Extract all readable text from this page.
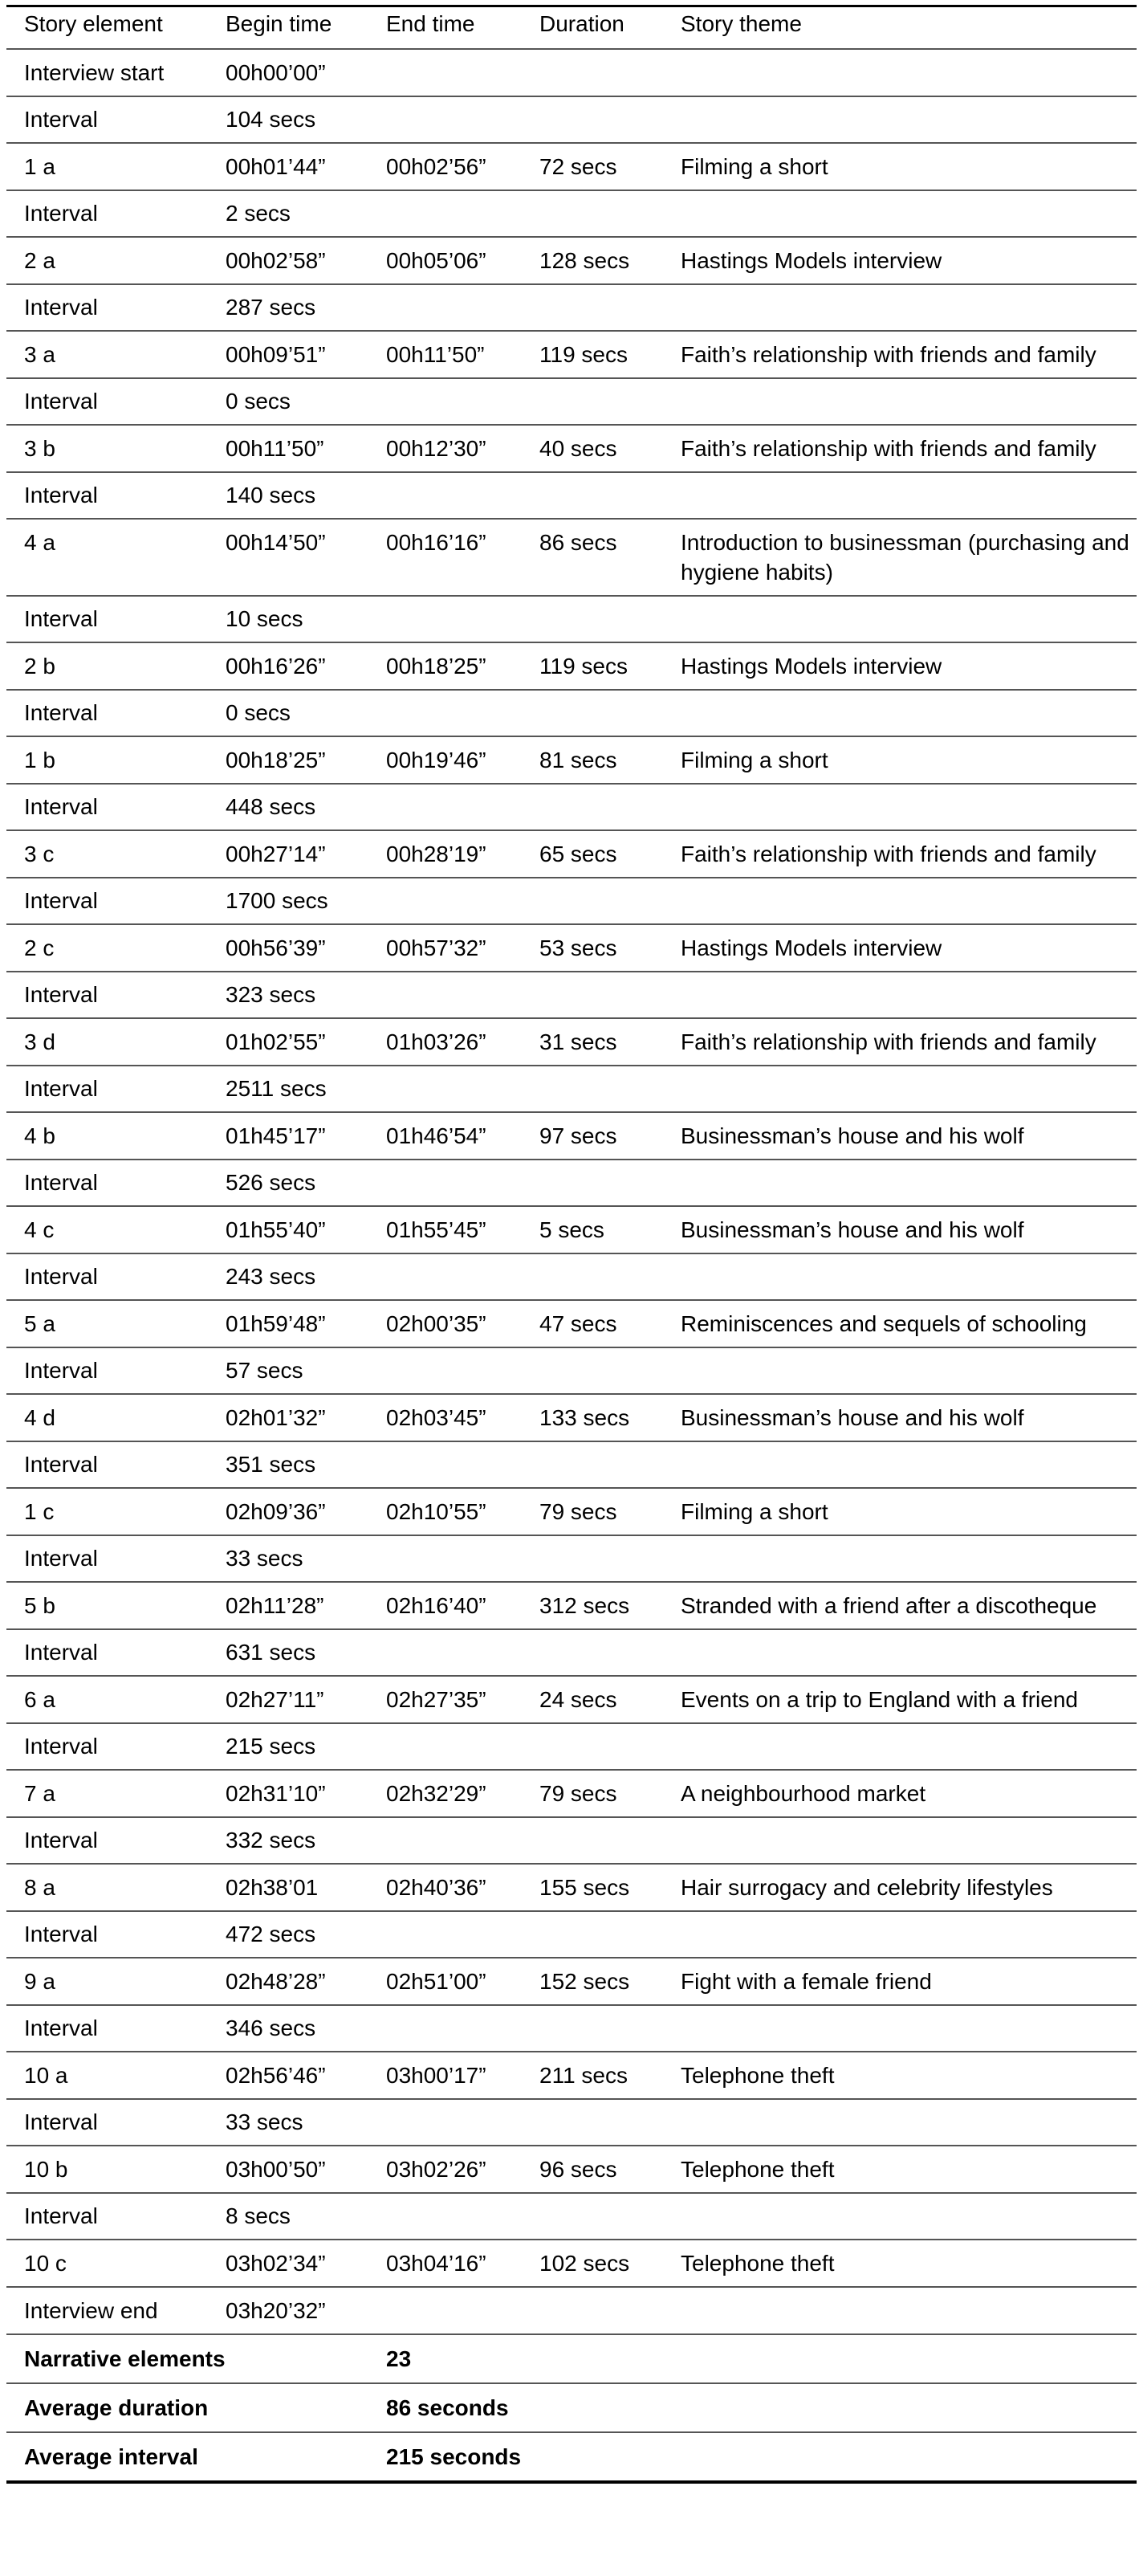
Story element	Begin time	End time	Duration	Story theme
Interview start	00h00’00”			
Interval	104 secs			
1 a	00h01’44”	00h02’56”	72 secs	Filming a short
Interval	2 secs			
2 a	00h02’58”	00h05’06”	128 secs	Hastings Models interview
Interval	287 secs			
3 a	00h09’51”	00h11’50”	119 secs	Faith’s relationship with friends and family
Interval	0 secs			
3 b	00h11’50”	00h12’30”	40 secs	Faith’s relationship with friends and family
Interval	140 secs			
4 a	00h14’50”	00h16’16”	86 secs	Introduction to businessman (purchasing and hygiene habits)
Interval	10 secs			
2 b	00h16’26”	00h18’25”	119 secs	Hastings Models interview
Interval	0 secs			
1 b	00h18’25”	00h19’46”	81 secs	Filming a short
Interval	448 secs			
3 c	00h27’14”	00h28’19”	65 secs	Faith’s relationship with friends and family
Interval	1700 secs			
2 c	00h56’39”	00h57’32”	53 secs	Hastings Models interview
Interval	323 secs			
3 d	01h02’55”	01h03’26”	31 secs	Faith’s relationship with friends and family
Interval	2511 secs			
4 b	01h45’17”	01h46’54”	97 secs	Businessman’s house and his wolf
Interval	526 secs			
4 c	01h55’40”	01h55’45”	5 secs	Businessman’s house and his wolf
Interval	243 secs			
5 a	01h59’48”	02h00’35”	47 secs	Reminiscences and sequels of schooling
Interval	57 secs			
4 d	02h01’32”	02h03’45”	133 secs	Businessman’s house and his wolf
Interval	351 secs			
1 c	02h09’36”	02h10’55”	79 secs	Filming a short
Interval	33 secs			
5 b	02h11’28”	02h16’40”	312 secs	Stranded with a friend after a discotheque
Interval	631 secs			
6 a	02h27’11”	02h27’35”	24 secs	Events on a trip to England with a friend
Interval	215 secs			
7 a	02h31’10”	02h32’29”	79 secs	A neighbourhood market
Interval	332 secs			
8 a	02h38’01	02h40’36”	155 secs	Hair surrogacy and celebrity lifestyles
Interval	472 secs			
9 a	02h48’28”	02h51’00”	152 secs	Fight with a female friend
Interval	346 secs			
10 a	02h56’46”	03h00’17”	211 secs	Telephone theft
Interval	33 secs			
10 b	03h00’50”	03h02’26”	96 secs	Telephone theft
Interval	8 secs			
10 c	03h02’34”	03h04’16”	102 secs	Telephone theft
Interview end	03h20’32”			
Narrative elements		23		
Average duration		86 seconds		
Average interval		215 seconds		
